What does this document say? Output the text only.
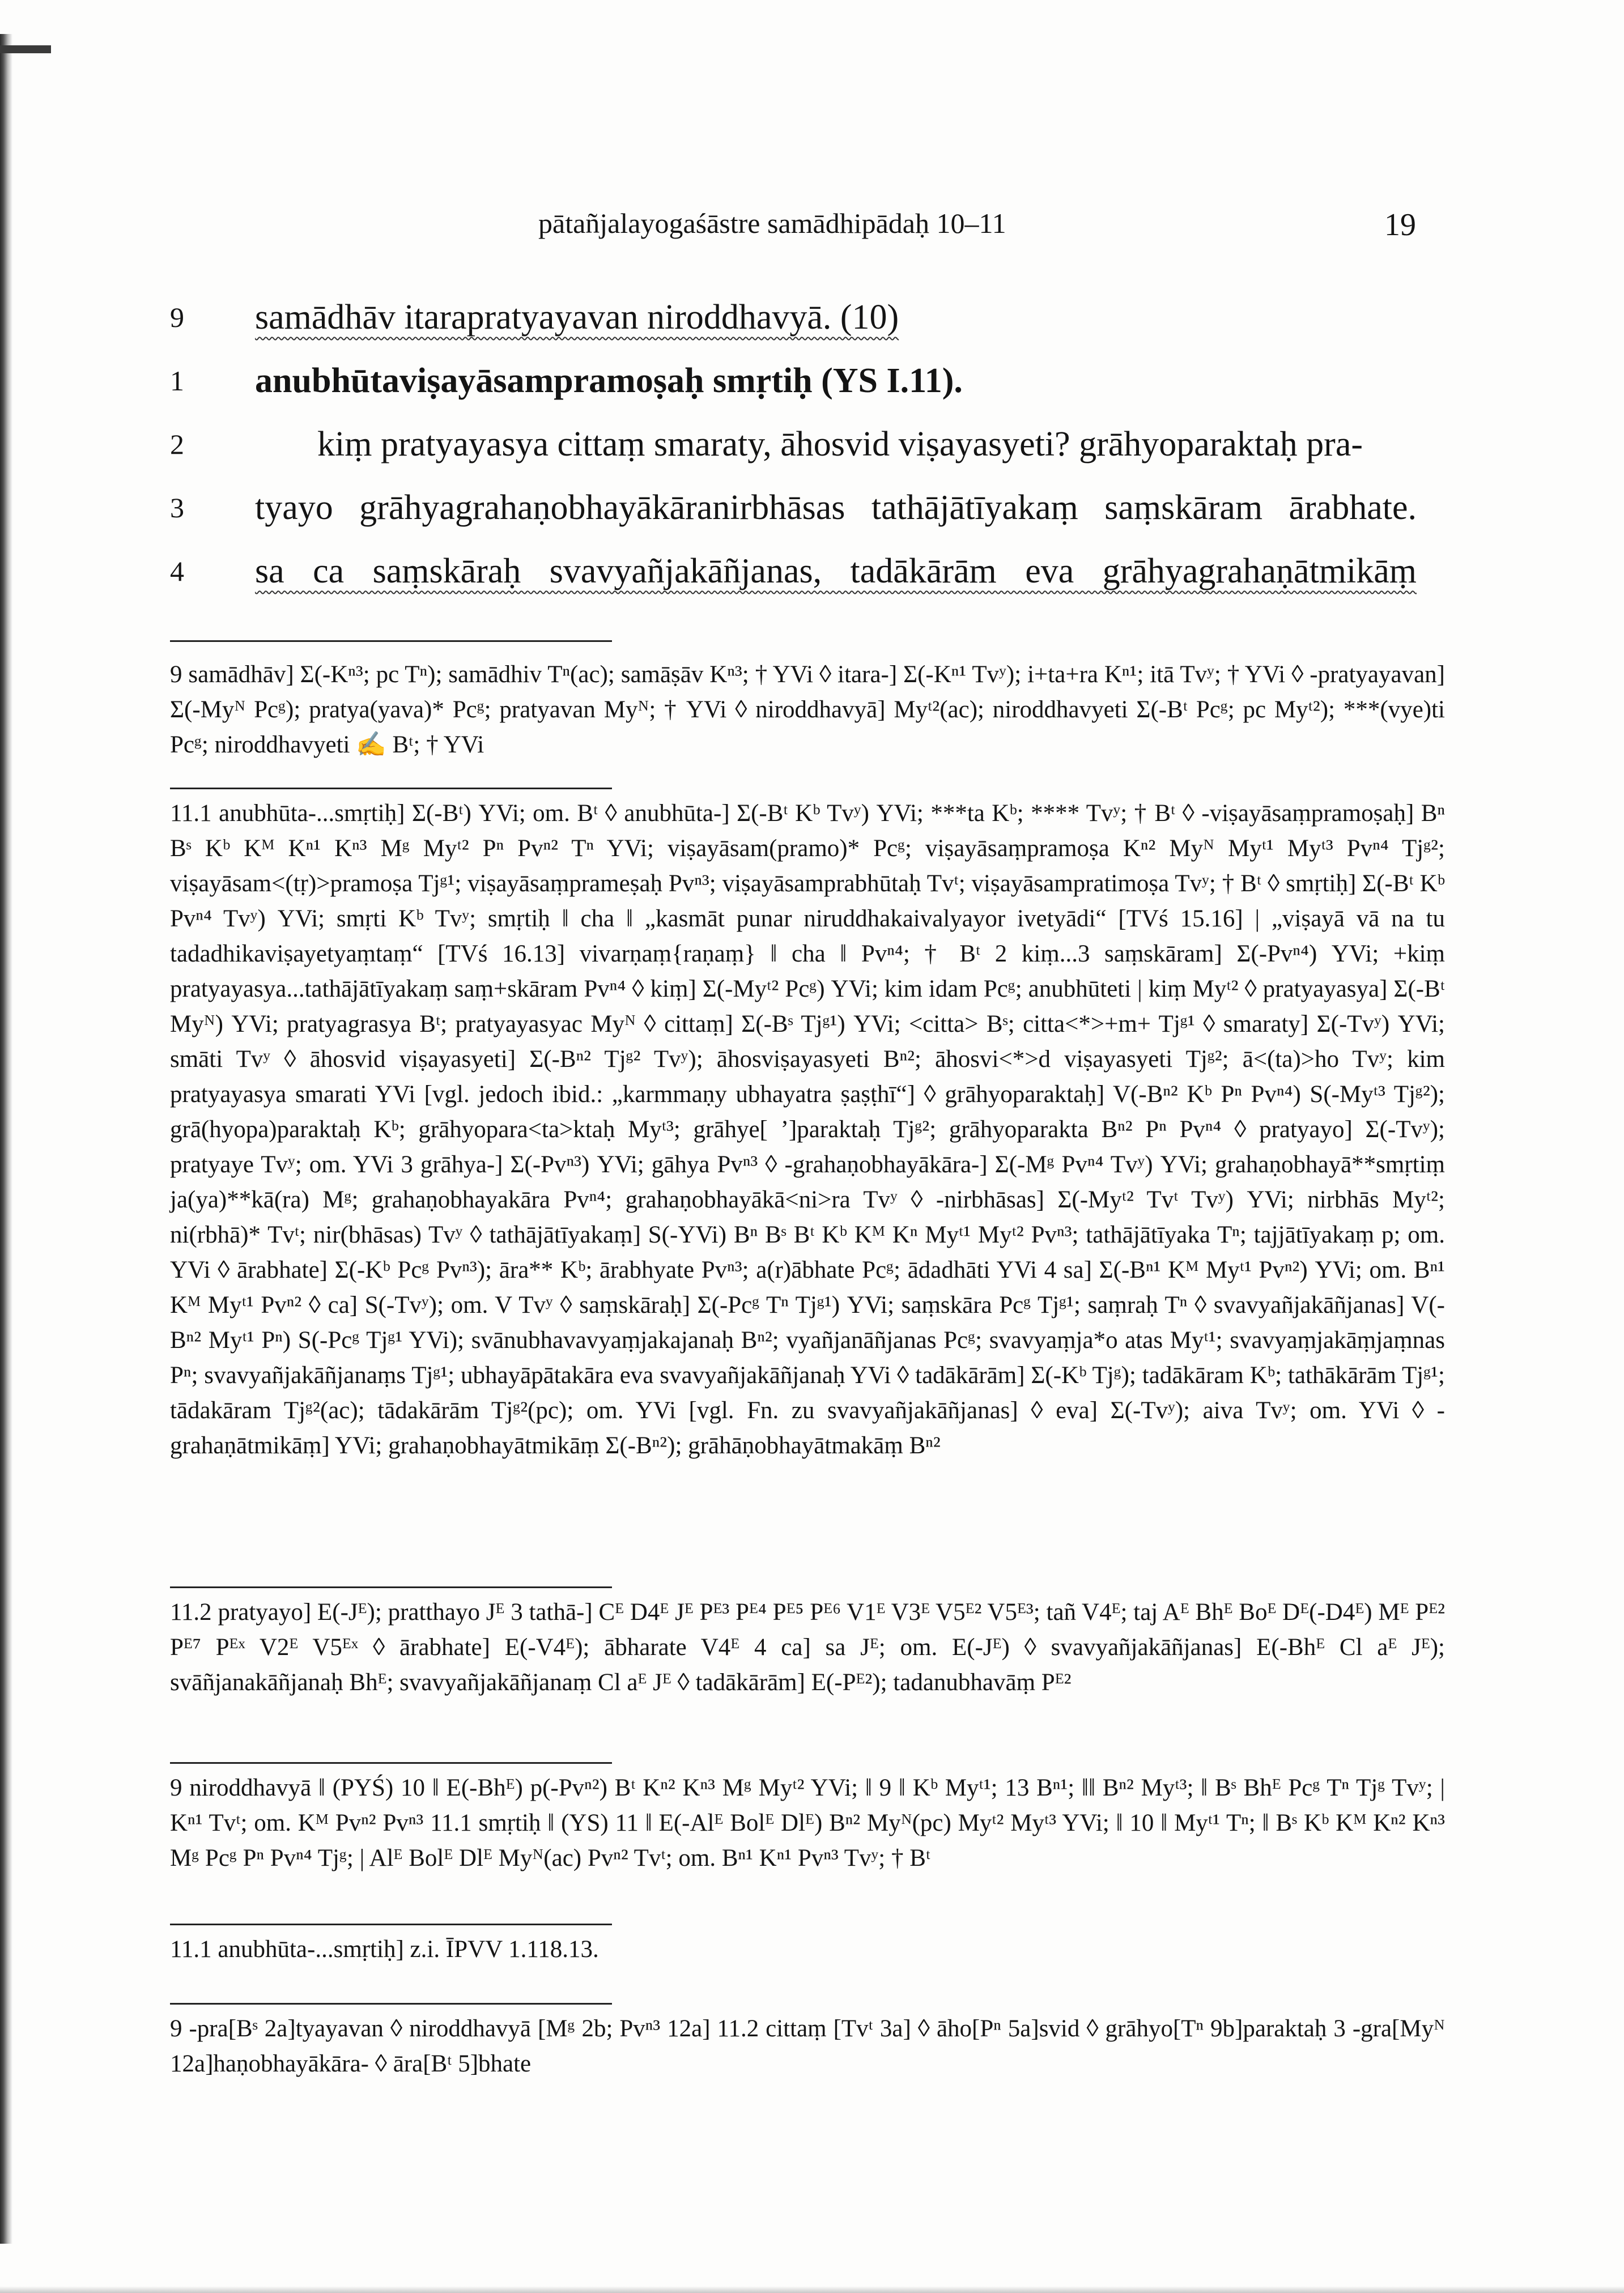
pātañjalayogaśāstre samādhipādaḥ 10–11	19
9 samādhāv itarapratyayavan niroddhavyā. (10)
1 anubhūtaviṣayāsampramoṣaḥ smṛtiḥ (YS I.11).
2	kiṃ pratyayasya cittaṃ smaraty, āhosvid viṣayasyeti? grāhyoparaktaḥ pra-
3 tyayo grāhyagrahaṇobhayākāranirbhāsas tathājātīyakaṃ saṃskāram ārabhate.
4 sa ca saṃskāraḥ svavyañjakāñjanas, tadākārām eva grāhyagrahaṇātmikāṃ
9 samādhāv] Σ(-Kⁿ³; pc Tⁿ); samādhiv Tⁿ(ac); samāṣāv Kⁿ³; † YVi ◊ itara-] Σ(-Kⁿ¹ Tvʸ); i+ta+ra Kⁿ¹; itā Tvʸ; † YVi ◊ -pratyayavan] Σ(-Myᴺ Pcᵍ); pratya(yava)* Pcᵍ; pratyavan Myᴺ; † YVi ◊ niroddhavyā] Myᵗ²(ac); niroddhavyeti Σ(-Bᵗ Pcᵍ; pc Myᵗ²); ***(vye)ti Pcᵍ; niroddhavyeti ✍ Bᵗ; † YVi
11.1 anubhūta-...smṛtiḥ] Σ(-Bᵗ) YVi; om. Bᵗ ◊ anubhūta-] Σ(-Bᵗ Kᵇ Tvʸ) YVi; ***ta Kᵇ; **** Tvʸ; † Bᵗ ◊ -viṣayāsaṃpramoṣaḥ] Bⁿ Bˢ Kᵇ Kᴹ Kⁿ¹ Kⁿ³ Mᵍ Myᵗ² Pⁿ Pvⁿ² Tⁿ YVi; viṣayāsam(pramo)* Pcᵍ; viṣayāsaṃpramoṣa Kⁿ² Myᴺ Myᵗ¹ Myᵗ³ Pvⁿ⁴ Tjᵍ²; viṣayāsam<(tṛ)>pramoṣa Tjᵍ¹; viṣayāsaṃprameṣaḥ Pvⁿ³; viṣayāsamprabhūtaḥ Tvᵗ; viṣayāsampratimoṣa Tvʸ; † Bᵗ ◊ smṛtiḥ] Σ(-Bᵗ Kᵇ Pvⁿ⁴ Tvʸ) YVi; smṛti Kᵇ Tvʸ; smṛtiḥ ‖ cha ‖ „kasmāt punar niruddhakaivalyayor ivetyādi“ [TVś 15.16] | „viṣayā vā na tu tadadhikaviṣayetyaṃtaṃ“ [TVś 16.13] vivarṇaṃ{raṇaṃ} ‖ cha ‖ Pvⁿ⁴; † Bᵗ 2 kiṃ...3 saṃskāram] Σ(-Pvⁿ⁴) YVi; +kiṃ pratyayasya...tathājātīyakaṃ saṃ+skāram Pvⁿ⁴ ◊ kiṃ] Σ(-Myᵗ² Pcᵍ) YVi; kim idam Pcᵍ; anubhūteti | kiṃ Myᵗ² ◊ pratyayasya] Σ(-Bᵗ Myᴺ) YVi; pratyagrasya Bᵗ; pratyayasyac Myᴺ ◊ cittaṃ] Σ(-Bˢ Tjᵍ¹) YVi; <citta> Bˢ; citta<*>+m+ Tjᵍ¹ ◊ smaraty] Σ(-Tvʸ) YVi; smāti Tvʸ ◊ āhosvid viṣayasyeti] Σ(-Bⁿ² Tjᵍ² Tvʸ); āhosviṣayasyeti Bⁿ²; āhosvi<*>d viṣayasyeti Tjᵍ²; ā<(ta)>ho Tvʸ; kim pratyayasya smarati YVi [vgl. jedoch ibid.: „karmmaṇy ubhayatra ṣaṣṭhī“] ◊ grāhyoparaktaḥ] V(-Bⁿ² Kᵇ Pⁿ Pvⁿ⁴) S(-Myᵗ³ Tjᵍ²); grā(hyopa)paraktaḥ Kᵇ; grāhyopara<ta>ktaḥ Myᵗ³; grāhye[ ’]paraktaḥ Tjᵍ²; grāhyoparakta Bⁿ² Pⁿ Pvⁿ⁴ ◊ pratyayo] Σ(-Tvʸ); pratyaye Tvʸ; om. YVi 3 grāhya-] Σ(-Pvⁿ³) YVi; gāhya Pvⁿ³ ◊ -grahaṇobhayākāra-] Σ(-Mᵍ Pvⁿ⁴ Tvʸ) YVi; grahaṇobhayā**smṛtiṃ ja(ya)**kā(ra) Mᵍ; grahaṇobhayakāra Pvⁿ⁴; grahaṇobhayākā<ni>ra Tvʸ ◊ -nirbhāsas] Σ(-Myᵗ² Tvᵗ Tvʸ) YVi; nirbhās Myᵗ²; ni(rbhā)* Tvᵗ; nir(bhāsas) Tvʸ ◊ tathājātīyakaṃ] S(-YVi) Bⁿ Bˢ Bᵗ Kᵇ Kᴹ Kⁿ Myᵗ¹ Myᵗ² Pvⁿ³; tathājātīyaka Tⁿ; tajjātīyakaṃ p; om. YVi ◊ ārabhate] Σ(-Kᵇ Pcᵍ Pvⁿ³); āra** Kᵇ; ārabhyate Pvⁿ³; a(r)ābhate Pcᵍ; ādadhāti YVi 4 sa] Σ(-Bⁿ¹ Kᴹ Myᵗ¹ Pvⁿ²) YVi; om. Bⁿ¹ Kᴹ Myᵗ¹ Pvⁿ² ◊ ca] S(-Tvʸ); om. V Tvʸ ◊ saṃskāraḥ] Σ(-Pcᵍ Tⁿ Tjᵍ¹) YVi; saṃskāra Pcᵍ Tjᵍ¹; saṃraḥ Tⁿ ◊ svavyañjakāñjanas] V(-Bⁿ² Myᵗ¹ Pⁿ) S(-Pcᵍ Tjᵍ¹ YVi); svānubhavavyaṃjakajanaḥ Bⁿ²; vyañjanāñjanas Pcᵍ; svavyaṃja*o atas Myᵗ¹; svavyaṃjakāṃjaṃnas Pⁿ; svavyañjakāñjanaṃs Tjᵍ¹; ubhayāpātakāra eva svavyañjakāñjanaḥ YVi ◊ tadākārām] Σ(-Kᵇ Tjᵍ); tadākāram Kᵇ; tathākārām Tjᵍ¹; tādakāram Tjᵍ²(ac); tādakārām Tjᵍ²(pc); om. YVi [vgl. Fn. zu svavyañjakāñjanas] ◊ eva] Σ(-Tvʸ); aiva Tvʸ; om. YVi ◊ -grahaṇātmikāṃ] YVi; grahaṇobhayātmikāṃ Σ(-Bⁿ²); grāhāṇobhayātmakāṃ Bⁿ²
11.2 pratyayo] E(-Jᴱ); pratthayo Jᴱ 3 tathā-] Cᴱ D4ᴱ Jᴱ Pᴱ³ Pᴱ⁴ Pᴱ⁵ Pᴱ⁶ V1ᴱ V3ᴱ V5ᴱ² V5ᴱ³; tañ V4ᴱ; taj Aᴱ Bhᴱ Boᴱ Dᴱ(-D4ᴱ) Mᴱ Pᴱ² Pᴱ⁷ Pᴱˣ V2ᴱ V5ᴱˣ ◊ ārabhate] E(-V4ᴱ); ābharate V4ᴱ 4 ca] sa Jᴱ; om. E(-Jᴱ) ◊ svavyañjakāñjanas] E(-Bhᴱ Cl aᴱ Jᴱ); svāñjanakāñjanaḥ Bhᴱ; svavyañjakāñjanaṃ Cl aᴱ Jᴱ ◊ tadākārām] E(-Pᴱ²); tadanubhavāṃ Pᴱ²
9 niroddhavyā ‖ (PYŚ) 10 ‖ E(-Bhᴱ) p(-Pvⁿ²) Bᵗ Kⁿ² Kⁿ³ Mᵍ Myᵗ² YVi; ‖ 9 ‖ Kᵇ Myᵗ¹; 13 Bⁿ¹; ‖‖ Bⁿ² Myᵗ³; ‖ Bˢ Bhᴱ Pcᵍ Tⁿ Tjᵍ Tvʸ; | Kⁿ¹ Tvᵗ; om. Kᴹ Pvⁿ² Pvⁿ³ 11.1 smṛtiḥ ‖ (YS) 11 ‖ E(-Alᴱ Bolᴱ Dlᴱ) Bⁿ² Myᴺ(pc) Myᵗ² Myᵗ³ YVi; ‖ 10 ‖ Myᵗ¹ Tⁿ; ‖ Bˢ Kᵇ Kᴹ Kⁿ² Kⁿ³ Mᵍ Pcᵍ Pⁿ Pvⁿ⁴ Tjᵍ; | Alᴱ Bolᴱ Dlᴱ Myᴺ(ac) Pvⁿ² Tvᵗ; om. Bⁿ¹ Kⁿ¹ Pvⁿ³ Tvʸ; † Bᵗ
11.1 anubhūta-...smṛtiḥ] z.i. ĪPVV 1.118.13.
9 -pra[Bˢ 2a]tyayavan ◊ niroddhavyā [Mᵍ 2b; Pvⁿ³ 12a] 11.2 cittaṃ [Tvᵗ 3a] ◊ āho[Pⁿ 5a]svid ◊ grāhyo[Tⁿ 9b]paraktaḥ 3 -gra[Myᴺ 12a]haṇobhayākāra- ◊ āra[Bᵗ 5]bhate
